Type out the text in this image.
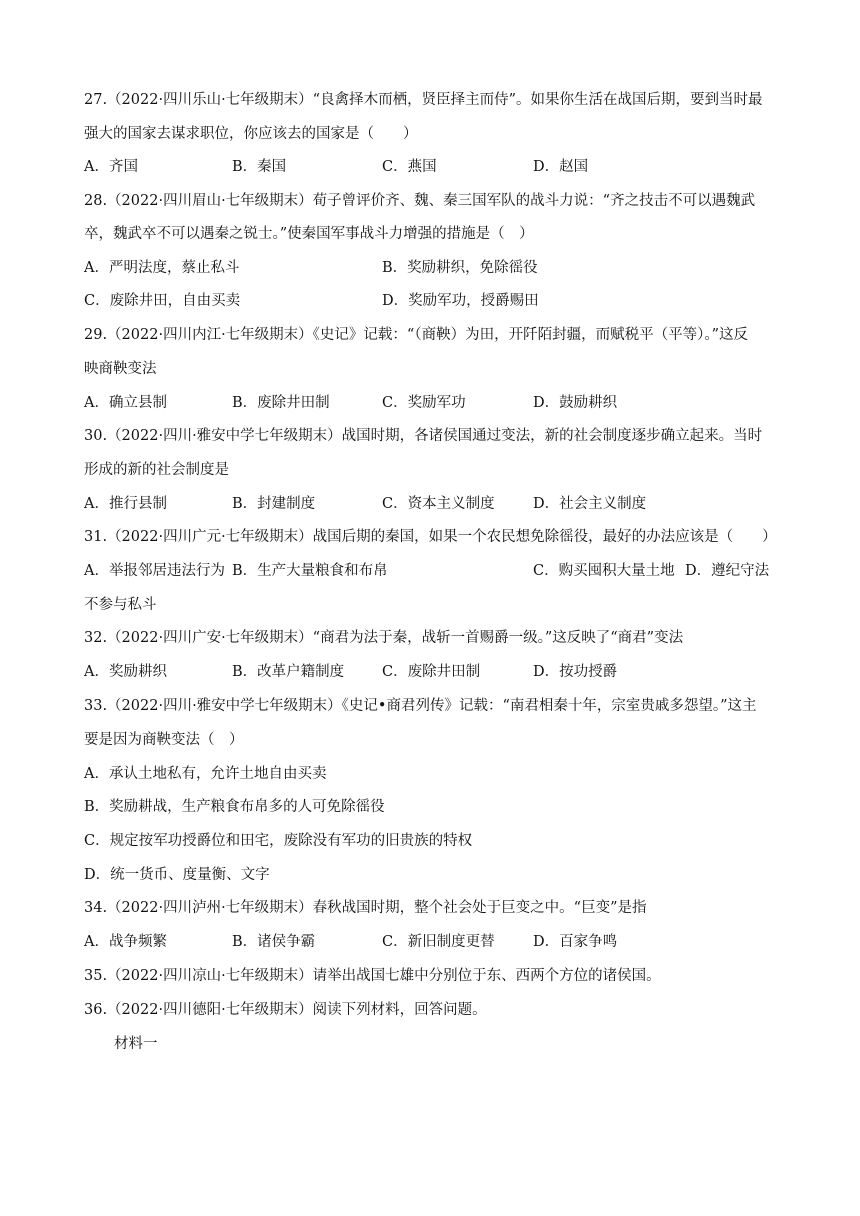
27.（2022·四川乐山·七年级期末）“良禽择木而栖，贤臣择主而侍”。如果你生活在战国后期，要到当时最
强大的国家去谋求职位，你应该去的国家是（　　）
A．齐国	B．秦国	C．燕国	D．赵国
28.（2022·四川眉山·七年级期末）荀子曾评价齐、魏、秦三国军队的战斗力说：“齐之技击不可以遇魏武
卒，魏武卒不可以遇秦之锐士。”使秦国军事战斗力增强的措施是（　）
A．严明法度，蔡止私斗	B．奖励耕织，免除徭役
C．废除井田，自由买卖	D．奖励军功，授爵赐田
29.（2022·四川内江·七年级期末）《史记》记载：“（商鞅）为田，开阡陌封疆，而赋税平（平等）。”这反
映商鞅变法
A．确立县制	B．废除井田制	C．奖励军功	D．鼓励耕织
30.（2022·四川·雅安中学七年级期末）战国时期，各诸侯国通过变法，新的社会制度逐步确立起来。当时
形成的新的社会制度是
A．推行县制	B．封建制度	C．资本主义制度	D．社会主义制度
31.（2022·四川广元·七年级期末）战国后期的秦国，如果一个农民想免除徭役，最好的办法应该是（　　）
A．举报邻居违法行为 B．生产大量粮食和布帛	C．购买囤积大量土地 D．遵纪守法
不参与私斗
32.（2022·四川广安·七年级期末）“商君为法于秦，战斩一首赐爵一级。”这反映了“商君”变法
A．奖励耕织	B．改革户籍制度	C．废除井田制	D．按功授爵
33.（2022·四川·雅安中学七年级期末）《史记•商君列传》记载：“南君相秦十年，宗室贵戚多怨望。”这主
要是因为商鞅变法（　）
A．承认土地私有，允许土地自由买卖
B．奖励耕战，生产粮食布帛多的人可免除徭役
C．规定按军功授爵位和田宅，废除没有军功的旧贵族的特权
D．统一货币、度量衡、文字
34.（2022·四川泸州·七年级期末）春秋战国时期，整个社会处于巨变之中。“巨变”是指
A．战争频繁	B．诸侯争霸	C．新旧制度更替	D．百家争鸣
35.（2022·四川凉山·七年级期末）请举出战国七雄中分别位于东、西两个方位的诸侯国。
36.（2022·四川德阳·七年级期末）阅读下列材料，回答问题。
材料一
